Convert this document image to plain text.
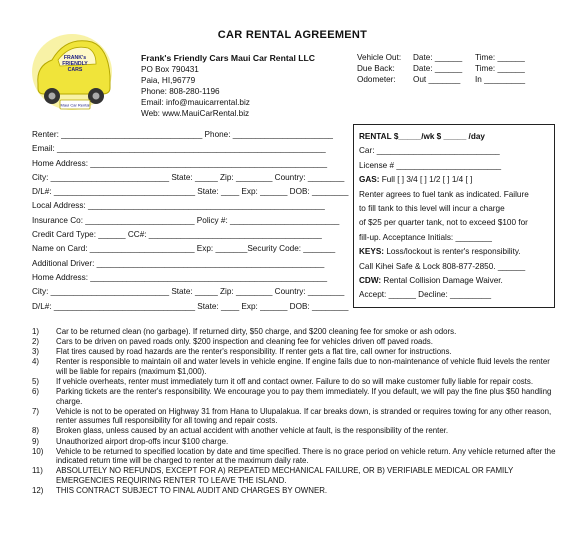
CAR RENTAL AGREEMENT
FRANK's
FRIENDLY
CARS
Maui Car Rental
Frank's Friendly Cars Maui Car Rental LLC
PO Box 790431
Paia, HI,96779
Phone: 808-280-1196
Email: info@mauicarrental.biz
Web: www.MauiCarRental.biz
Vehicle Out:	Date: ______	Time: ______
Due Back:	Date: ______	Time: ______
Odometer:	Out _______	In _________
Renter: _______________________________ Phone: ______________________
Email: ___________________________________________________________
Home Address: ____________________________________________________
City: __________________________ State: _____ Zip: ________ Country: ________
D/L#: _______________________________ State: ____ Exp: ______ DOB: ________
Local Address: ____________________________________________________
Insurance Co: ________________________ Policy #: ________________________
Credit Card Type: ______ CC#: ______________________________________
Name on Card: _______________________ Exp: _______Security Code: _______
Additional Driver: __________________________________________________
Home Address: ____________________________________________________
City: __________________________ State: _____ Zip: ________ Country: ________
D/L#: _______________________________ State: ____ Exp: ______ DOB: ________
RENTAL $_____/wk $ _____ /day
Car: ___________________________
License # _______________________
GAS: Full [ ] 3/4 [ ] 1/2 [ ] 1/4 [ ]
Renter agrees to fuel tank as indicated. Failure
to fill tank to this level will incur a charge
of $25 per quarter tank, not to exceed $100 for
fill-up. Acceptance Initials: ________
KEYS: Loss/lockout is renter's responsibility.
Call Kihei Safe & Lock 808-877-2850. ______
CDW: Rental Collision Damage Waiver.
Accept: ______ Decline: _________
1)	Car to be returned clean (no garbage). If returned dirty, $50 charge, and $200 cleaning fee for smoke or ash odors.
2)	Cars to be driven on paved roads only. $200 inspection and cleaning fee for vehicles driven off paved roads.
3)	Flat tires caused by road hazards are the renter's responsibility. If renter gets a flat tire, call owner for instructions.
4)	Renter is responsible to maintain oil and water levels in vehicle engine. If engine fails due to non-maintenance of vehicle fluid levels the renter will be liable for repairs (maximum $1,000).
5)	If vehicle overheats, renter must immediately turn it off and contact owner. Failure to do so will make customer fully liable for repair costs.
6)	Parking tickets are the renter's responsibility. We encourage you to pay them immediately. If you default, we will pay the fine plus $50 handling charge.
7)	Vehicle is not to be operated on Highway 31 from Hana to Ulupalakua. If car breaks down, is stranded or requires towing for any other reason, renter assumes full responsibility for all towing and repair costs.
8)	Broken glass, unless caused by an actual accident with another vehicle at fault, is the responsibility of the renter.
9)	Unauthorized airport drop-offs incur $100 charge.
10)	Vehicle to be returned to specified location by date and time specified. There is no grace period on vehicle return. Any vehicle returned after the indicated return time will be charged to renter at the maximum daily rate.
11)	ABSOLUTELY NO REFUNDS, EXCEPT FOR A) REPEATED MECHANICAL FAILURE, OR B) VERIFIABLE MEDICAL OR FAMILY EMERGENCIES REQUIRING RENTER TO LEAVE THE ISLAND.
12)	THIS CONTRACT SUBJECT TO FINAL AUDIT AND CHARGES BY OWNER.
